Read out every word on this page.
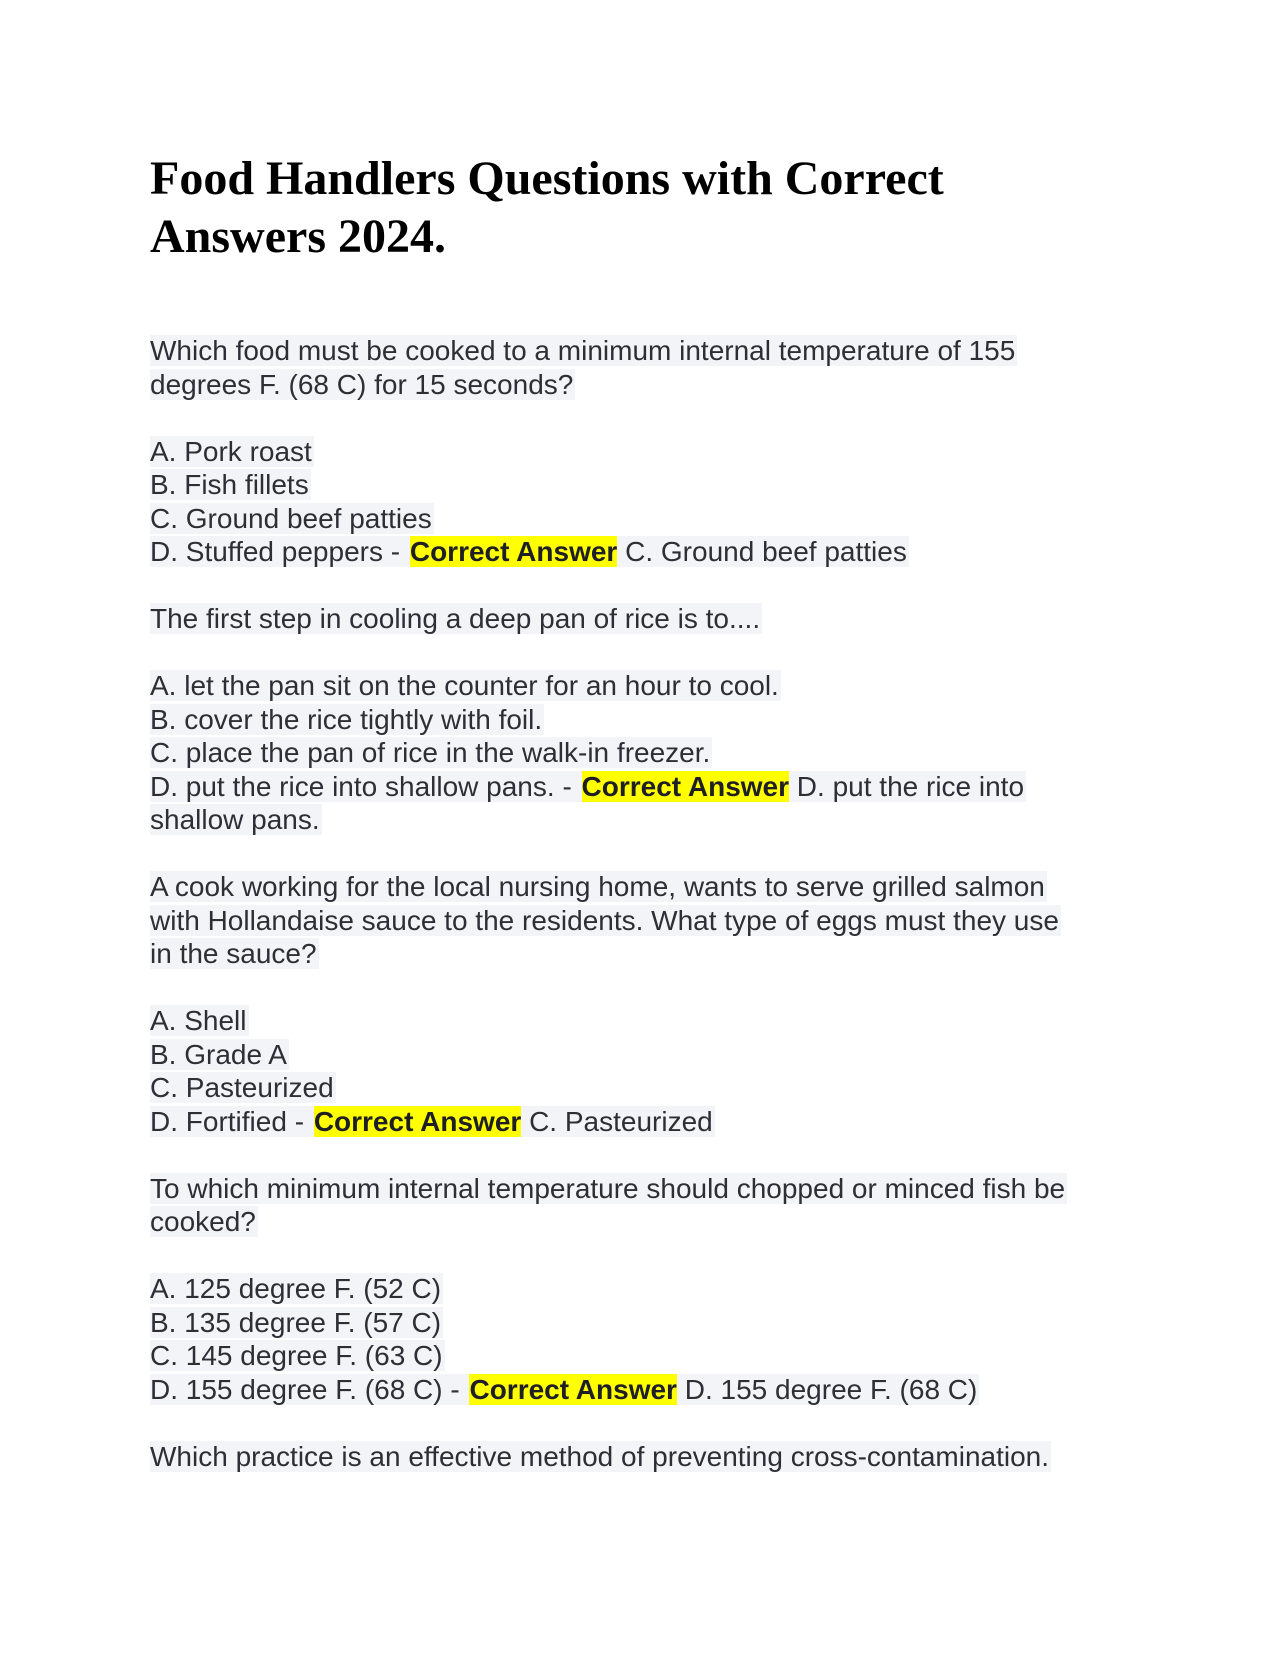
Food Handlers Questions with Correct
Answers 2024.
Which food must be cooked to a minimum internal temperature of 155
degrees F. (68 C) for 15 seconds?
A. Pork roast
B. Fish fillets
C. Ground beef patties
D. Stuffed peppers - Correct Answer C. Ground beef patties
The first step in cooling a deep pan of rice is to....
A. let the pan sit on the counter for an hour to cool.
B. cover the rice tightly with foil.
C. place the pan of rice in the walk-in freezer.
D. put the rice into shallow pans. - Correct Answer D. put the rice into
shallow pans.
A cook working for the local nursing home, wants to serve grilled salmon
with Hollandaise sauce to the residents. What type of eggs must they use
in the sauce?
A. Shell
B. Grade A
C. Pasteurized
D. Fortified - Correct Answer C. Pasteurized
To which minimum internal temperature should chopped or minced fish be
cooked?
A. 125 degree F. (52 C)
B. 135 degree F. (57 C)
C. 145 degree F. (63 C)
D. 155 degree F. (68 C) - Correct Answer D. 155 degree F. (68 C)
Which practice is an effective method of preventing cross-contamination.
